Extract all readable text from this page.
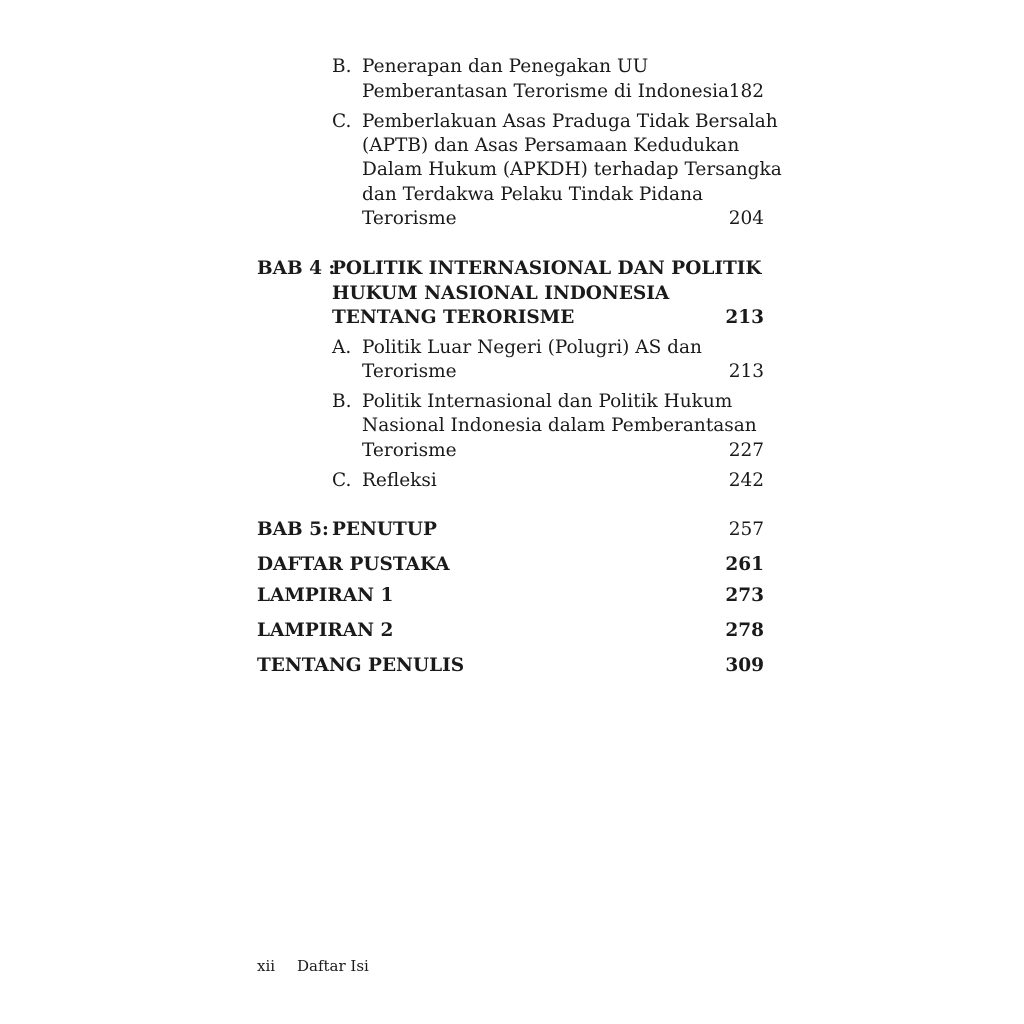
B. Penerapan dan Penegakan UU
Pemberantasan Terorisme di Indonesia 182
C. Pemberlakuan Asas Praduga Tidak Bersalah
(APTB) dan Asas Persamaan Kedudukan
Dalam Hukum (APKDH) terhadap Tersangka
dan Terdakwa Pelaku Tindak Pidana
Terorisme	204
BAB 4 :
POLITIK INTERNASIONAL DAN POLITIK
HUKUM NASIONAL INDONESIA
TENTANG TERORISME	213
A. Politik Luar Negeri (Polugri) AS dan
Terorisme	213
B. Politik Internasional dan Politik Hukum
Nasional Indonesia dalam Pemberantasan
Terorisme	227
C. Refleksi	242
BAB 5: PENUTUP	257
DAFTAR PUSTAKA	261
LAMPIRAN 1	273
LAMPIRAN 2	278
TENTANG PENULIS	309
xii Daftar Isi
